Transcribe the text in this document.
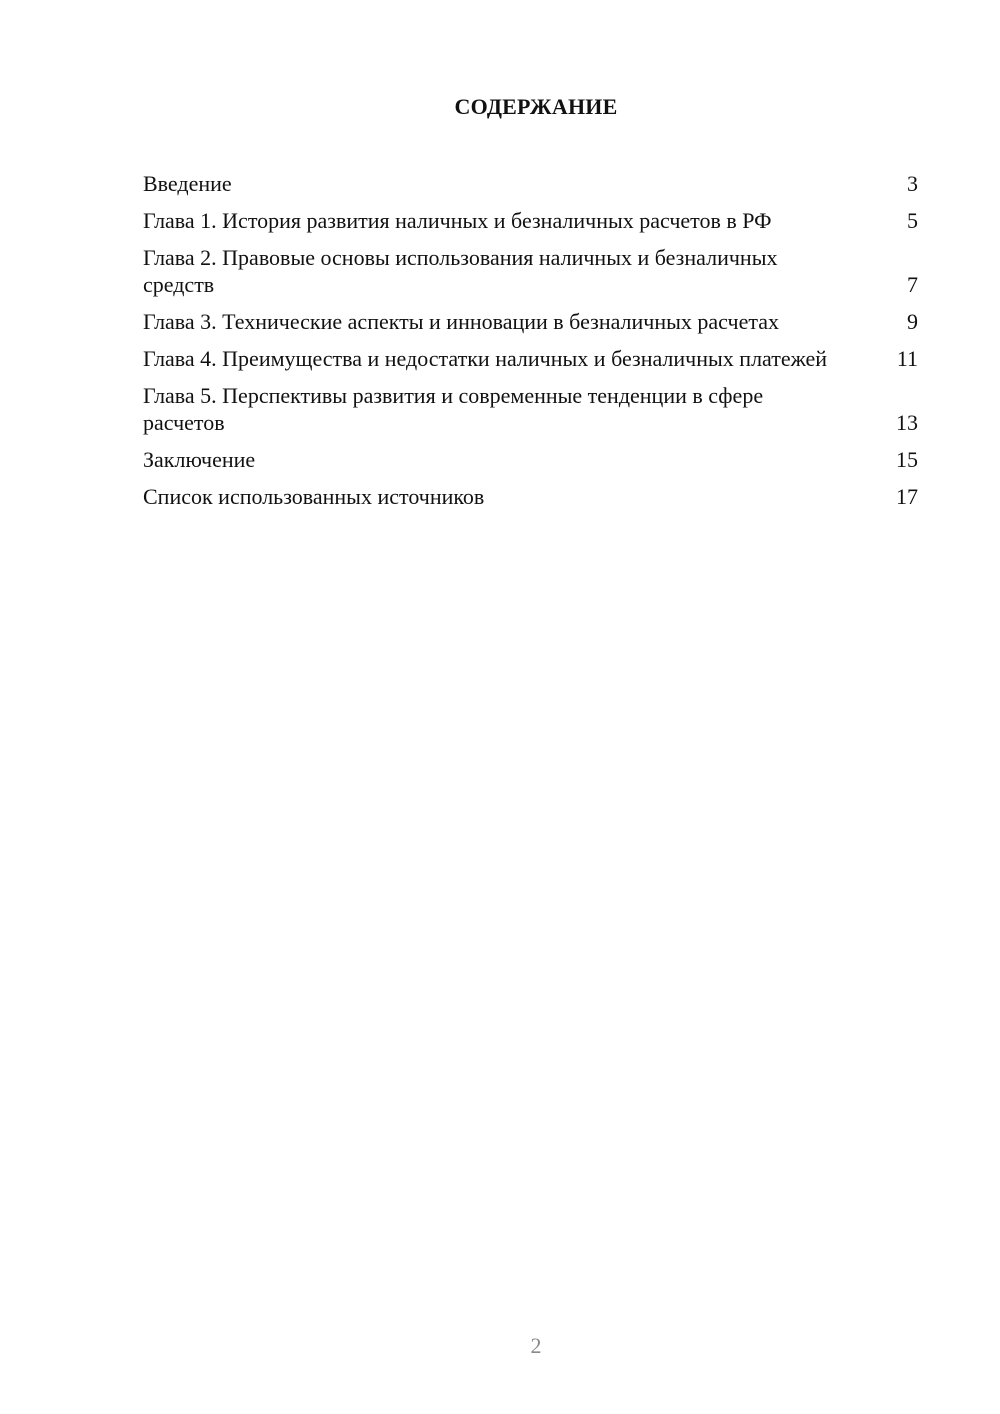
СОДЕРЖАНИЕ
Введение	3
Глава 1. История развития наличных и безналичных расчетов в РФ	5
Глава 2. Правовые основы использования наличных и безналичных средств	7
Глава 3. Технические аспекты и инновации в безналичных расчетах	9
Глава 4. Преимущества и недостатки наличных и безналичных платежей	11
Глава 5. Перспективы развития и современные тенденции в сфере расчетов	13
Заключение	15
Список использованных источников	17
2
